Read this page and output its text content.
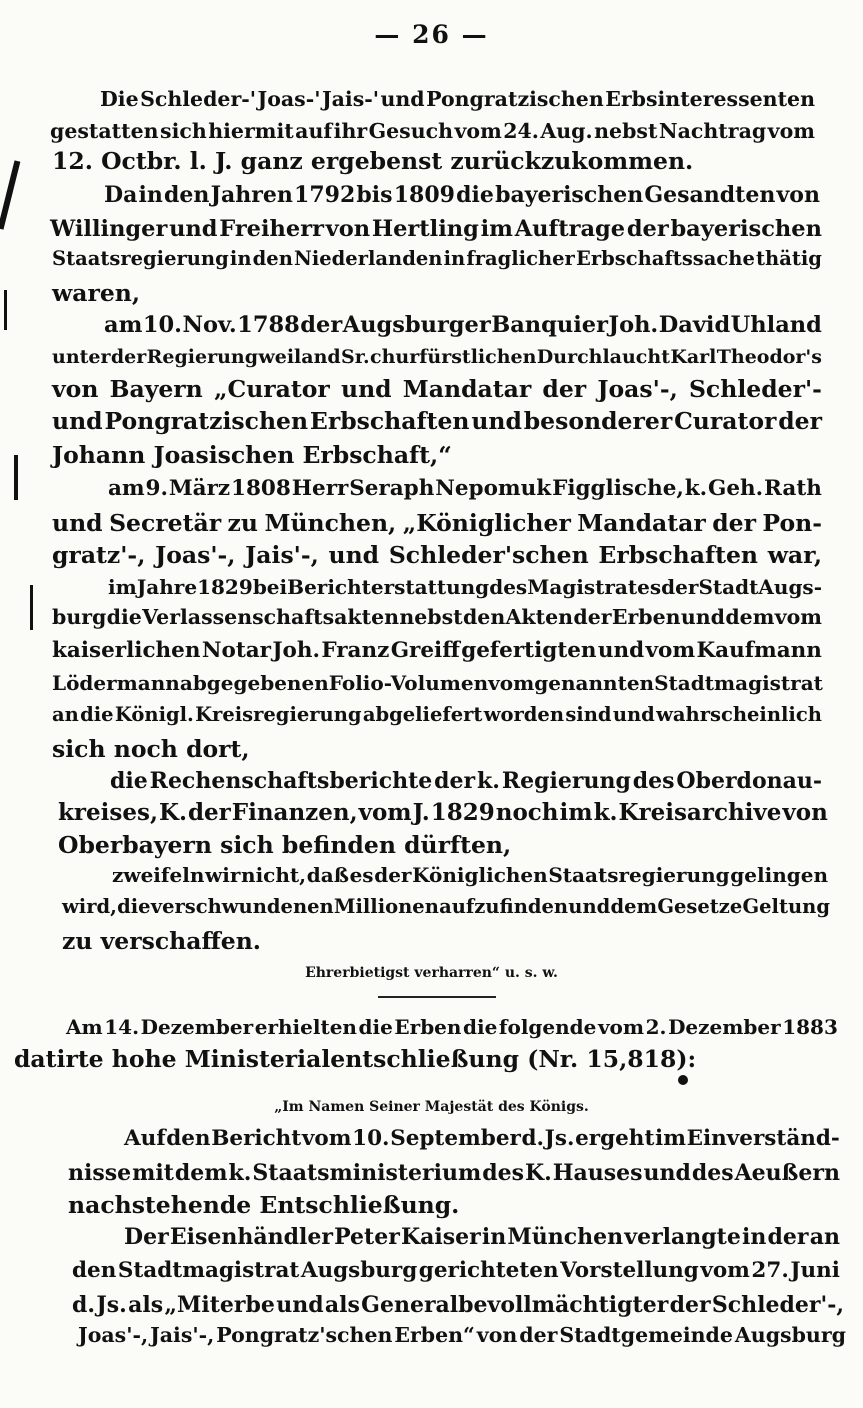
— 26 —
Die Schleder-' Joas-' Jais-' und Pongratzischen Erbsinteressenten
gestatten sich hiermit auf ihr Gesuch vom 24. Aug. nebst Nachtrag vom
12. Octbr. l. J. ganz ergebenst zurückzukommen.
Da in den Jahren 1792 bis 1809 die bayerischen Gesandten von
Willinger und Freiherr von Hertling im Auftrage der bayerischen
Staatsregierung in den Niederlanden in fraglicher Erbschaftssache thätig
waren,
am 10. Nov. 1788 der Augsburger Banquier Joh. David Uhland
unter der Regierung weiland Sr. churfürstlichen Durchlaucht Karl Theodor's
von Bayern „Curator und Mandatar der Joas'-, Schleder'-
und Pongratzischen Erbschaften und besonderer Curator der
Johann Joasischen Erbschaft,“
am 9. März 1808 Herr Seraph Nepomuk Figglische, k. Geh. Rath
und Secretär zu München, „Königlicher Mandatar der Pon-
gratz'-, Joas'-, Jais'-, und Schleder'schen Erbschaften war,
im Jahre 1829 bei Berichterstattung des Magistrates der Stadt Augs-
burg die Verlassenschaftsakten nebst den Akten der Erben und dem vom
kaiserlichen Notar Joh. Franz Greiff gefertigten und vom Kaufmann
Lödermann abgegebenen Folio-Volumen vom genannten Stadtmagistrat
an die Königl. Kreisregierung abgeliefert worden sind und wahrscheinlich
sich noch dort,
die Rechenschaftsberichte der k. Regierung des Oberdonau-
kreises, K. der Finanzen, vom J. 1829 noch im k. Kreisarchive von
Oberbayern sich befinden dürften,
zweifeln wir nicht, daß es der Königlichen Staatsregierung gelingen
wird, die verschwundenen Millionen aufzufinden und dem Gesetze Geltung
zu verschaffen.
Ehrerbietigst verharren“ u. s. w.
Am 14. Dezember erhielten die Erben die folgende vom 2. Dezember 1883
datirte hohe Ministerialentschließung (Nr. 15,818):
„Im Namen Seiner Majestät des Königs.
Auf den Bericht vom 10. September d. Js. ergeht im Einverständ-
nisse mit dem k. Staatsministerium des K. Hauses und des Aeußern
nachstehende Entschließung.
Der Eisenhändler Peter Kaiser in München verlangte in der an
den Stadtmagistrat Augsburg gerichteten Vorstellung vom 27. Juni
d. Js. als „Miterbe und als Generalbevollmächtigter der Schleder'-,
Joas'-, Jais'-, Pongratz'schen Erben“ von der Stadtgemeinde Augsburg
